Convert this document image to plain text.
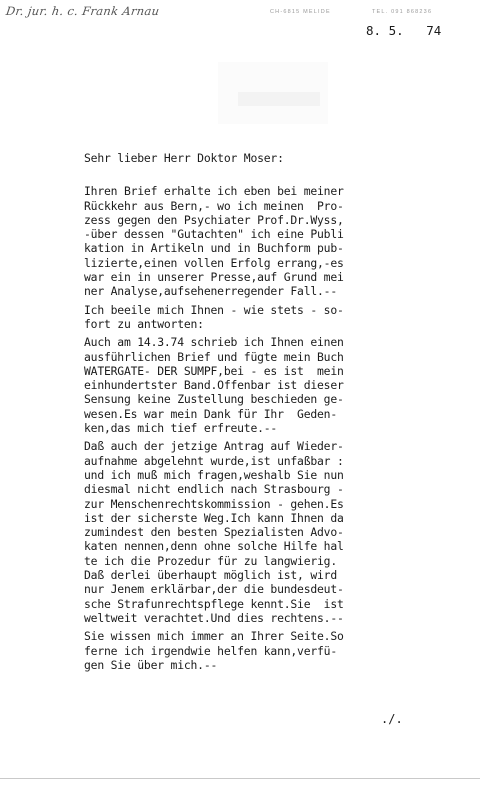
Dr. jur. h. c. Frank Arnau	CH-6815 MELIDE	TEL. 091 868236
8. 5.   74
Sehr lieber Herr Doktor Moser:
Ihren Brief erhalte ich eben bei meiner
Rückkehr aus Bern,- wo ich meinen  Pro-
zess gegen den Psychiater Prof.Dr.Wyss,
-über dessen "Gutachten" ich eine Publi
kation in Artikeln und in Buchform pub-
lizierte,einen vollen Erfolg errang,-es
war ein in unserer Presse,auf Grund mei
ner Analyse,aufsehenerregender Fall.--
Ich beeile mich Ihnen - wie stets - so-
fort zu antworten:
Auch am 14.3.74 schrieb ich Ihnen einen
ausführlichen Brief und fügte mein Buch
WATERGATE- DER SUMPF,bei - es ist  mein
einhundertster Band.Offenbar ist dieser
Sensung keine Zustellung beschieden ge-
wesen.Es war mein Dank für Ihr  Geden-
ken,das mich tief erfreute.--
Daß auch der jetzige Antrag auf Wieder-
aufnahme abgelehnt wurde,ist unfaßbar :
und ich muß mich fragen,weshalb Sie nun
diesmal nicht endlich nach Strasbourg -
zur Menschenrechtskommission - gehen.Es
ist der sicherste Weg.Ich kann Ihnen da
zumindest den besten Spezialisten Advo-
katen nennen,denn ohne solche Hilfe hal
te ich die Prozedur für zu langwierig.
Daß derlei überhaupt möglich ist, wird
nur Jenem erklärbar,der die bundesdeut-
sche Strafunrechtspflege kennt.Sie  ist
weltweit verachtet.Und dies rechtens.--
Sie wissen mich immer an Ihrer Seite.So
ferne ich irgendwie helfen kann,verfü-
gen Sie über mich.--
./.
